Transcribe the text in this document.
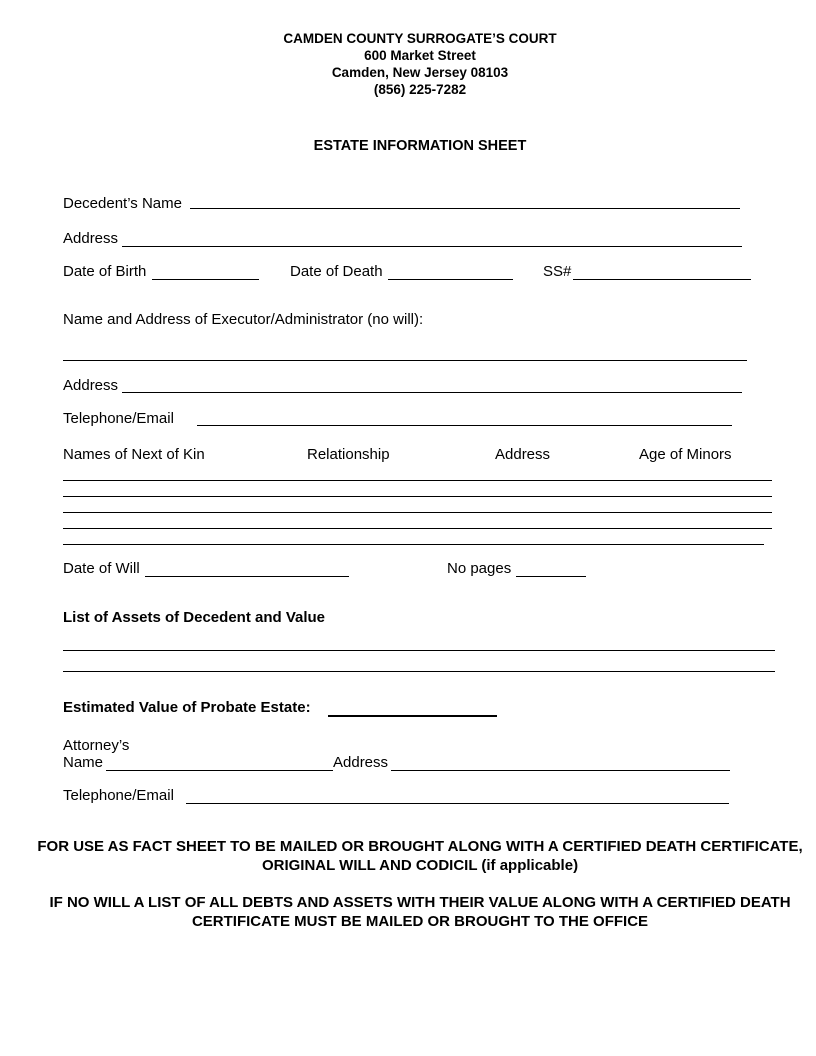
CAMDEN COUNTY SURROGATE’S COURT
600 Market Street
Camden, New Jersey 08103
(856) 225-7282
ESTATE INFORMATION SHEET
Decedent’s Name
Address
Date of Birth	Date of Death	SS#
Name and Address of Executor/Administrator (no will):
Address
Telephone/Email
Names of Next of Kin	Relationship	Address	Age of Minors
Date of Will	No pages
List of Assets of Decedent and Value
Estimated Value of Probate Estate:
Attorney’s
Name	Address
Telephone/Email
FOR USE AS FACT SHEET TO BE MAILED OR BROUGHT ALONG WITH A CERTIFIED DEATH CERTIFICATE, ORIGINAL WILL AND CODICIL (if applicable)
IF NO WILL A LIST OF ALL DEBTS AND ASSETS WITH THEIR VALUE ALONG WITH A CERTIFIED DEATH CERTIFICATE MUST BE MAILED OR BROUGHT TO THE OFFICE
